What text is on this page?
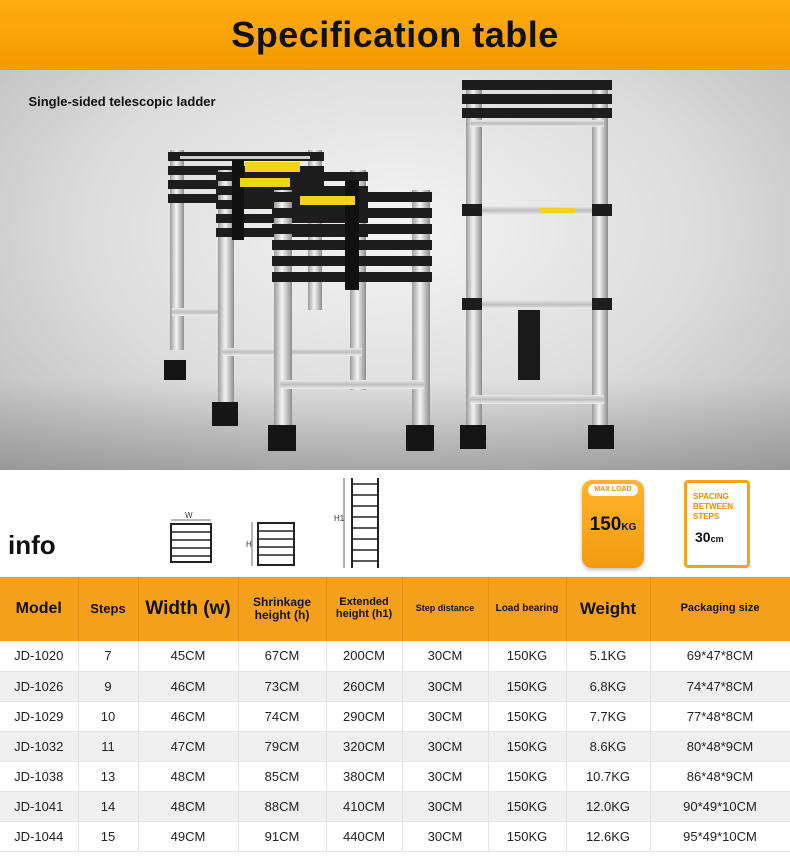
Specification table
Single-sided telescopic ladder
info
W
H
H1
MAX LOAD
150KG
SPACING BETWEEN STEPS
30cm
Model	Steps	Width (w)	Shrinkage height (h)	Extended height (h1)	Step distance	Load bearing	Weight	Packaging size
JD-1020	7	45CM	67CM	200CM	30CM	150KG	5.1KG	69*47*8CM
JD-1026	9	46CM	73CM	260CM	30CM	150KG	6.8KG	74*47*8CM
JD-1029	10	46CM	74CM	290CM	30CM	150KG	7.7KG	77*48*8CM
JD-1032	11	47CM	79CM	320CM	30CM	150KG	8.6KG	80*48*9CM
JD-1038	13	48CM	85CM	380CM	30CM	150KG	10.7KG	86*48*9CM
JD-1041	14	48CM	88CM	410CM	30CM	150KG	12.0KG	90*49*10CM
JD-1044	15	49CM	91CM	440CM	30CM	150KG	12.6KG	95*49*10CM
